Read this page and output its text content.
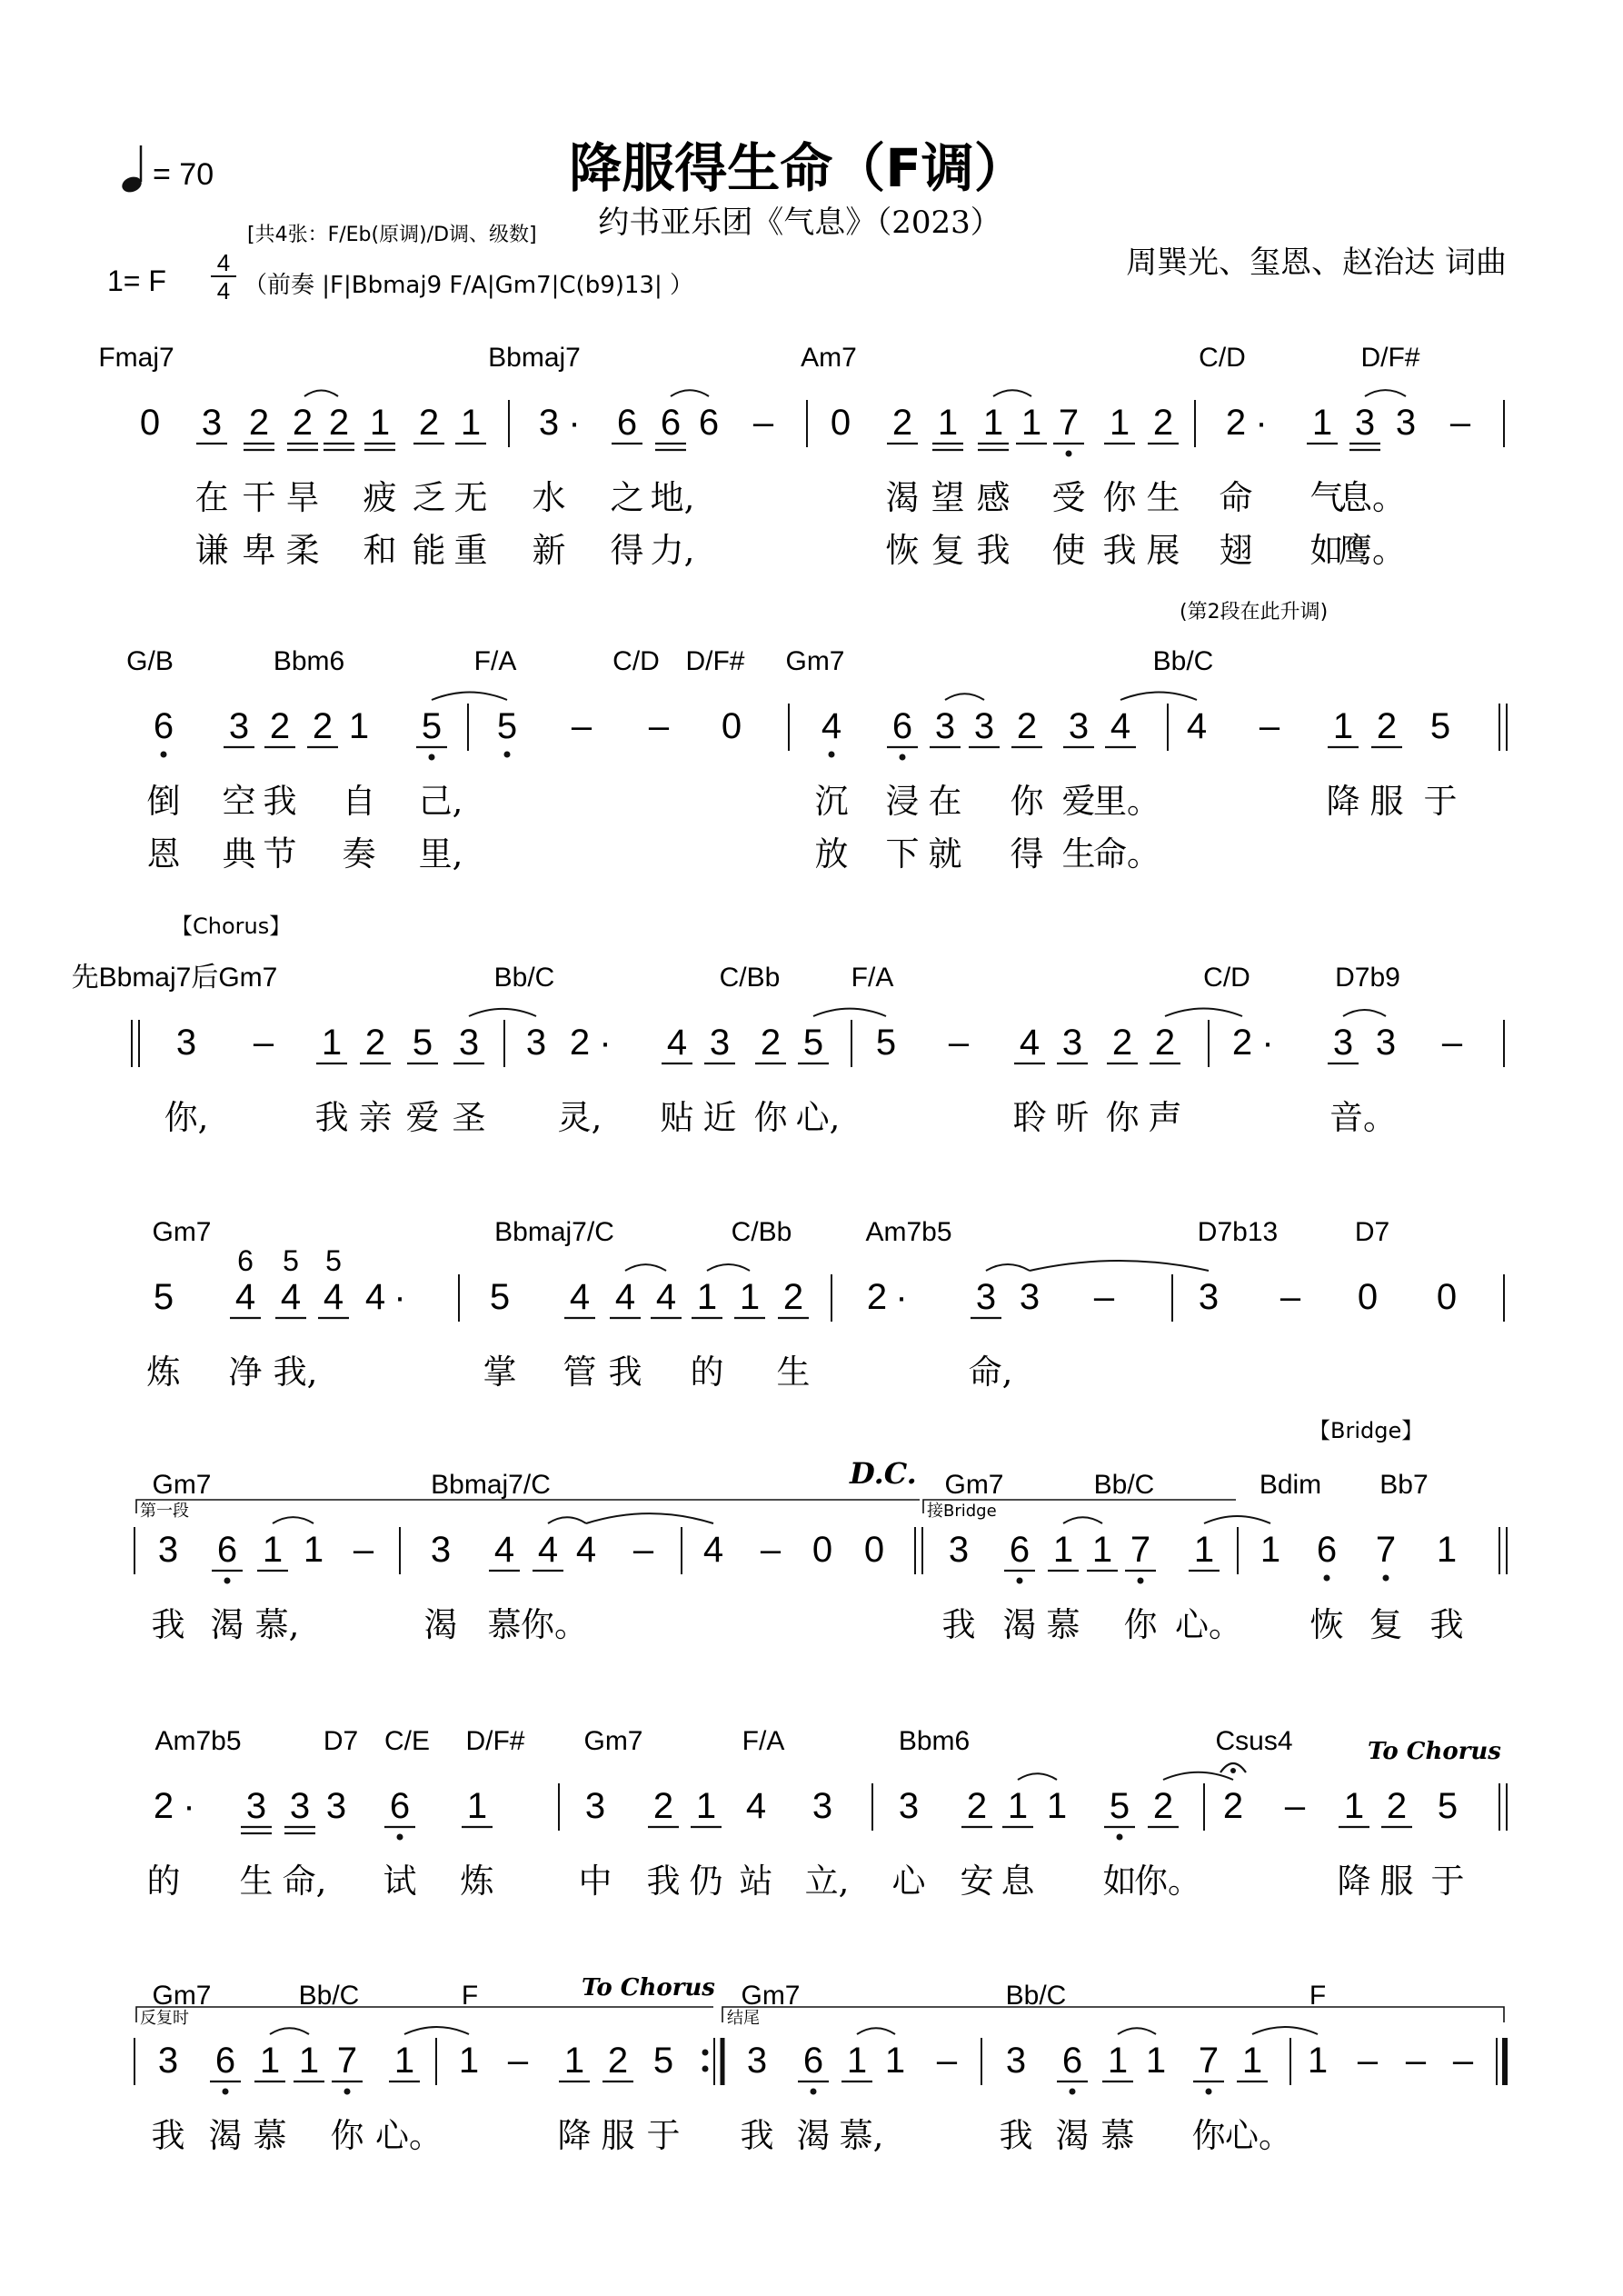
= 70	降服得生命（F调）
约书亚乐团《气息》（2023）
[共4张：F/Eb(原调)/D调、级数]
1= F
4
4 （前奏 |F|Bbmaj9 F/A|Gm7|C(b9)13| ）
周巽光、玺恩、赵治达 词曲
【Chorus】
【Bridge】
(第2段在此升调)
D.C.
To Chorus
To Chorus
第一段	接Bridge
反复时	结尾
Fmaj7	Bbmaj7	Am7	C/D	D/F#
0 3 2 2 2 1 2 1 3 · 6 6 6 – 0 2 1 1 1 7 1 2 2 · 1 3 3 –
在 干 旱 疲 乏 无 水 之 地,	渴 望 感 受 你 生 命 气
息。
谦 卑 柔 和 能 重 新 得 力,	恢 复 我 使 我 展 翅 如
鹰。
G/B	Bbm6	F/A	C/D D/F# Gm7	Bb/C
6 3 2 2 1 5 5 – – 0 4 6 3 3 2 3 4 4 – 1 2 5
倒 空 我 自 己,	沉 浸 在 你 爱
里。	降 服 于
恩 典 节 奏 里,	放 下 就 得 生
命。
先Bbmaj7后Gm7	Bb/C	C/Bb	F/A	C/D	D7b9
3 – 1 2 5 3 3 2 · 4 3 2 5 5 – 4 3 2 2 2 · 3 3 –
你,	我 亲 爱 圣 灵, 贴 近 你 心,	聆 听 你 声	音。
Gm7	Bbmaj7/C	C/Bb	Am7b5	D7b13	D7
6 5 5
5 4 4 4 4 · 5 4 4 4 1 1 2 2 · 3 3 – 3 – 0 0
炼 净 我,	掌 管 我 的 生	命,
Gm7	Bbmaj7/C	Gm7	Bb/C	Bdim Bb7
3 6 1 1 – 3 4 4 4 – 4 – 0 0 3 6 1 1 7 1 1 6 7 1
我 渴 慕,	渴 慕 你。	我 渴 慕 你 心。 恢 复 我
Am7b5	D7 C/E D/F# Gm7	F/A	Bbm6	Csus4
2 · 3 3 3 6 1	3 2 1 4 3 3 2 1 1 5 2 2 – 1 2 5
的 生 命, 试 炼	中 我 仍 站 立, 心 安 息 如
你。	降 服 于
Gm7	Bb/C	F	Gm7	Bb/C	F
3 6 1 1 7 1 1 – 1 2 5 3 6 1 1 – 3 6 1 1 7 1 1 – – –
我 渴 慕 你 心。	降 服 于 我 渴 慕,	我 渴 慕 你 心。
